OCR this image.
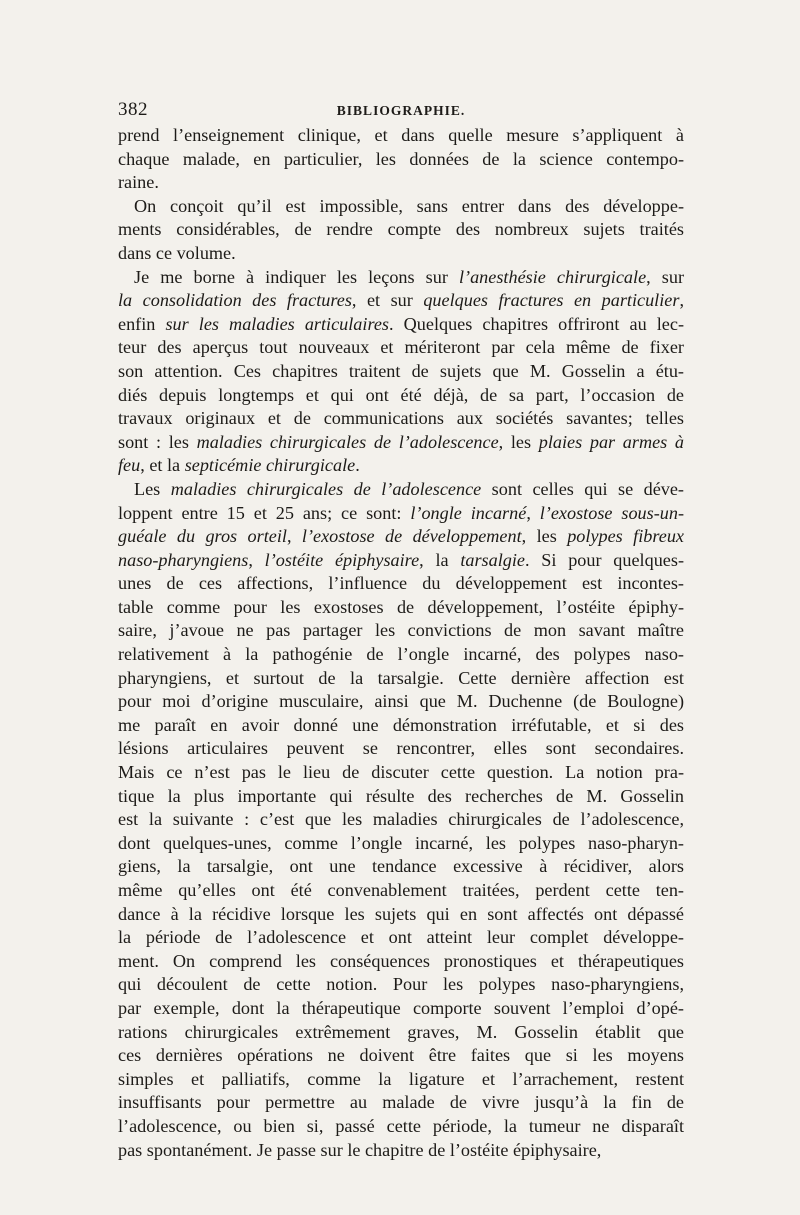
382	BIBLIOGRAPHIE.
prend l’enseignement clinique, et dans quelle mesure s’appliquent à
chaque malade, en particulier, les données de la science contempo-
raine.
On conçoit qu’il est impossible, sans entrer dans des développe-
ments considérables, de rendre compte des nombreux sujets traités
dans ce volume.
Je me borne à indiquer les leçons sur l’anesthésie chirurgicale, sur
la consolidation des fractures, et sur quelques fractures en particulier,
enfin sur les maladies articulaires. Quelques chapitres offriront au lec-
teur des aperçus tout nouveaux et mériteront par cela même de fixer
son attention. Ces chapitres traitent de sujets que M. Gosselin a étu-
diés depuis longtemps et qui ont été déjà, de sa part, l’occasion de
travaux originaux et de communications aux sociétés savantes; telles
sont : les maladies chirurgicales de l’adolescence, les plaies par armes à
feu, et la septicémie chirurgicale.
Les maladies chirurgicales de l’adolescence sont celles qui se déve-
loppent entre 15 et 25 ans; ce sont: l’ongle incarné, l’exostose sous-un-
guéale du gros orteil, l’exostose de développement, les polypes fibreux
naso-pharyngiens, l’ostéite épiphysaire, la tarsalgie. Si pour quelques-
unes de ces affections, l’influence du développement est incontes-
table comme pour les exostoses de développement, l’ostéite épiphy-
saire, j’avoue ne pas partager les convictions de mon savant maître
relativement à la pathogénie de l’ongle incarné, des polypes naso-
pharyngiens, et surtout de la tarsalgie. Cette dernière affection est
pour moi d’origine musculaire, ainsi que M. Duchenne (de Boulogne)
me paraît en avoir donné une démonstration irréfutable, et si des
lésions articulaires peuvent se rencontrer, elles sont secondaires.
Mais ce n’est pas le lieu de discuter cette question. La notion pra-
tique la plus importante qui résulte des recherches de M. Gosselin
est la suivante : c’est que les maladies chirurgicales de l’adolescence,
dont quelques-unes, comme l’ongle incarné, les polypes naso-pharyn-
giens, la tarsalgie, ont une tendance excessive à récidiver, alors
même qu’elles ont été convenablement traitées, perdent cette ten-
dance à la récidive lorsque les sujets qui en sont affectés ont dépassé
la période de l’adolescence et ont atteint leur complet développe-
ment. On comprend les conséquences pronostiques et thérapeutiques
qui découlent de cette notion. Pour les polypes naso-pharyngiens,
par exemple, dont la thérapeutique comporte souvent l’emploi d’opé-
rations chirurgicales extrêmement graves, M. Gosselin établit que
ces dernières opérations ne doivent être faites que si les moyens
simples et palliatifs, comme la ligature et l’arrachement, restent
insuffisants pour permettre au malade de vivre jusqu’à la fin de
l’adolescence, ou bien si, passé cette période, la tumeur ne disparaît
pas spontanément. Je passe sur le chapitre de l’ostéite épiphysaire,
